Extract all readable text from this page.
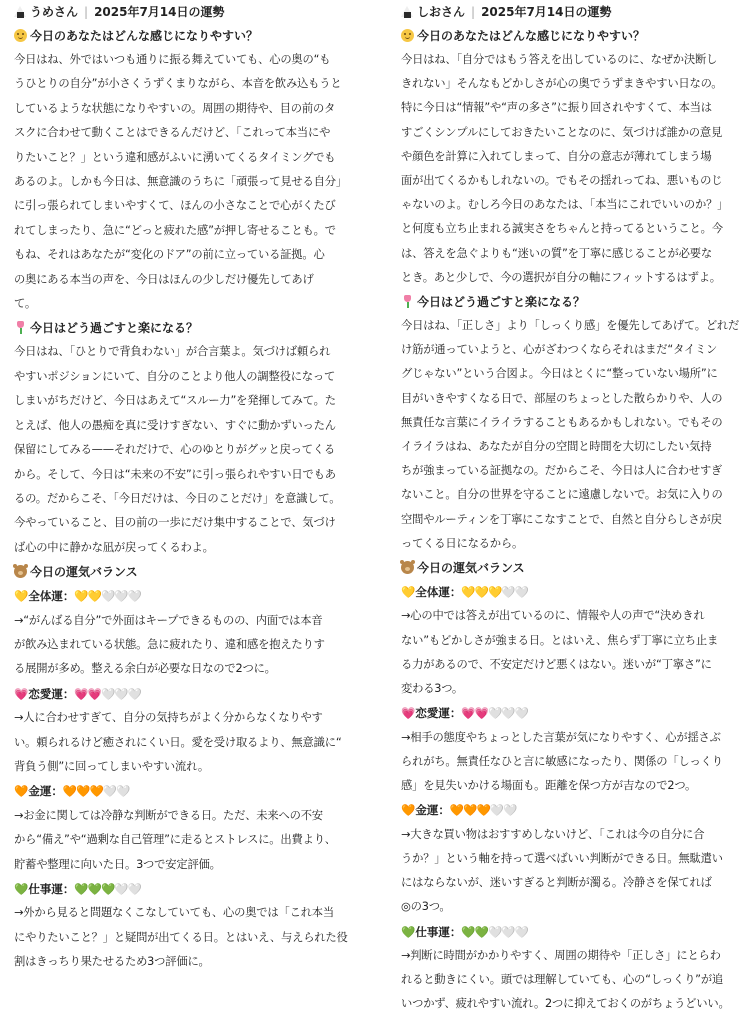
うめさん | 2025年7月14日の運勢
今日のあなたはどんな感じになりやすい？

今日はね、外ではいつも通りに振る舞えていても、心の奥の“も

うひとりの自分”が小さくうずくまりながら、本音を飲み込もうと

しているような状態になりやすいの。周囲の期待や、目の前のタ

スクに合わせて動くことはできるんだけど、「これって本当にや

りたいこと？」という違和感がふいに湧いてくるタイミングでも

あるのよ。しかも今日は、無意識のうちに「頑張って見せる自分」

に引っ張られてしまいやすくて、ほんの小さなことで心がくたび

れてしまったり、急に“どっと疲れた感”が押し寄せることも。で

もね、それはあなたが“変化のドア”の前に立っている証拠。心

の奥にある本当の声を、今日はほんの少しだけ優先してあげ

て。

今日はどう過ごすと楽になる？

今日はね、「ひとりで背負わない」が合言葉よ。気づけば頼られ

やすいポジションにいて、自分のことより他人の調整役になって

しまいがちだけど、今日はあえて“スルー力”を発揮してみて。た

とえば、他人の愚痴を真に受けすぎない、すぐに動かずいったん

保留にしてみる——それだけで、心のゆとりがグッと戻ってくる

から。そして、今日は“未来の不安”に引っ張られやすい日でもあ

るの。だからこそ、「今日だけは、今日のことだけ」を意識して。

今やっていること、目の前の一歩にだけ集中することで、気づけ

ば心の中に静かな凪が戻ってくるわよ。

今日の運気バランス
💛全体運：💛💛🤍🤍🤍

→“がんばる自分”で外面はキープできるものの、内面では本音

が飲み込まれている状態。急に疲れたり、違和感を抱えたりす

る展開が多め。整える余白が必要な日なので2つに。

💗恋愛運：💗💗🤍🤍🤍

→人に合わせすぎて、自分の気持ちがよく分からなくなりやす

い。頼られるけど癒されにくい日。愛を受け取るより、無意識に“

背負う側”に回ってしまいやすい流れ。

🧡金運：🧡🧡🧡🤍🤍

→お金に関しては冷静な判断ができる日。ただ、未来への不安

から“備え”や“過剰な自己管理”に走るとストレスに。出費より、

貯蓄や整理に向いた日。3つで安定評価。

💚仕事運：💚💚💚🤍🤍

→外から見ると問題なくこなしていても、心の奥では「これ本当

にやりたいこと？」と疑問が出てくる日。とはいえ、与えられた役

割はきっちり果たせるため3つ評価に。

しおさん | 2025年7月14日の運勢
今日のあなたはどんな感じになりやすい？

今日はね、「自分ではもう答えを出しているのに、なぜか決断し

きれない」そんなもどかしさが心の奥でうずまきやすい日なの。

特に今日は“情報”や“声の多さ”に振り回されやすくて、本当は

すごくシンプルにしておきたいことなのに、気づけば誰かの意見

や顔色を計算に入れてしまって、自分の意志が薄れてしまう場

面が出てくるかもしれないの。でもその揺れってね、悪いものじ

ゃないのよ。むしろ今日のあなたは、「本当にこれでいいのか？」

と何度も立ち止まれる誠実さをちゃんと持ってるということ。今

は、答えを急ぐよりも“迷いの質”を丁寧に感じることが必要な

とき。あと少しで、今の選択が自分の軸にフィットするはずよ。

今日はどう過ごすと楽になる？

今日はね、「正しさ」より「しっくり感」を優先してあげて。どれだ

け筋が通っていようと、心がざわつくならそれはまだ“タイミン

グじゃない”という合図よ。今日はとくに“整っていない場所”に

目がいきやすくなる日で、部屋のちょっとした散らかりや、人の

無責任な言葉にイライラすることもあるかもしれない。でもその

イライラはね、あなたが自分の空間と時間を大切にしたい気持

ちが強まっている証拠なの。だからこそ、今日は人に合わせすぎ

ないこと。自分の世界を守ることに遠慮しないで。お気に入りの

空間やルーティンを丁寧にこなすことで、自然と自分らしさが戻

ってくる日になるから。

今日の運気バランス
💛全体運：💛💛💛🤍🤍

→心の中では答えが出ているのに、情報や人の声で“決めきれ

ない”もどかしさが強まる日。とはいえ、焦らず丁寧に立ち止ま

る力があるので、不安定だけど悪くはない。迷いが“丁寧さ”に

変わる3つ。

💗恋愛運：💗💗🤍🤍🤍

→相手の態度やちょっとした言葉が気になりやすく、心が揺さぶ

られがち。無責任なひと言に敏感になったり、関係の「しっくり

感」を見失いかける場面も。距離を保つ方が吉なので2つ。

🧡金運：🧡🧡🧡🤍🤍

→大きな買い物はおすすめしないけど、「これは今の自分に合

うか？」という軸を持って選べばいい判断ができる日。無駄遣い

にはならないが、迷いすぎると判断が濁る。冷静さを保てれば

◎の3つ。

💚仕事運：💚💚🤍🤍🤍

→判断に時間がかかりやすく、周囲の期待や「正しさ」にとらわ

れると動きにくい。頭では理解していても、心の“しっくり”が追

いつかず、疲れやすい流れ。2つに抑えておくのがちょうどいい。
